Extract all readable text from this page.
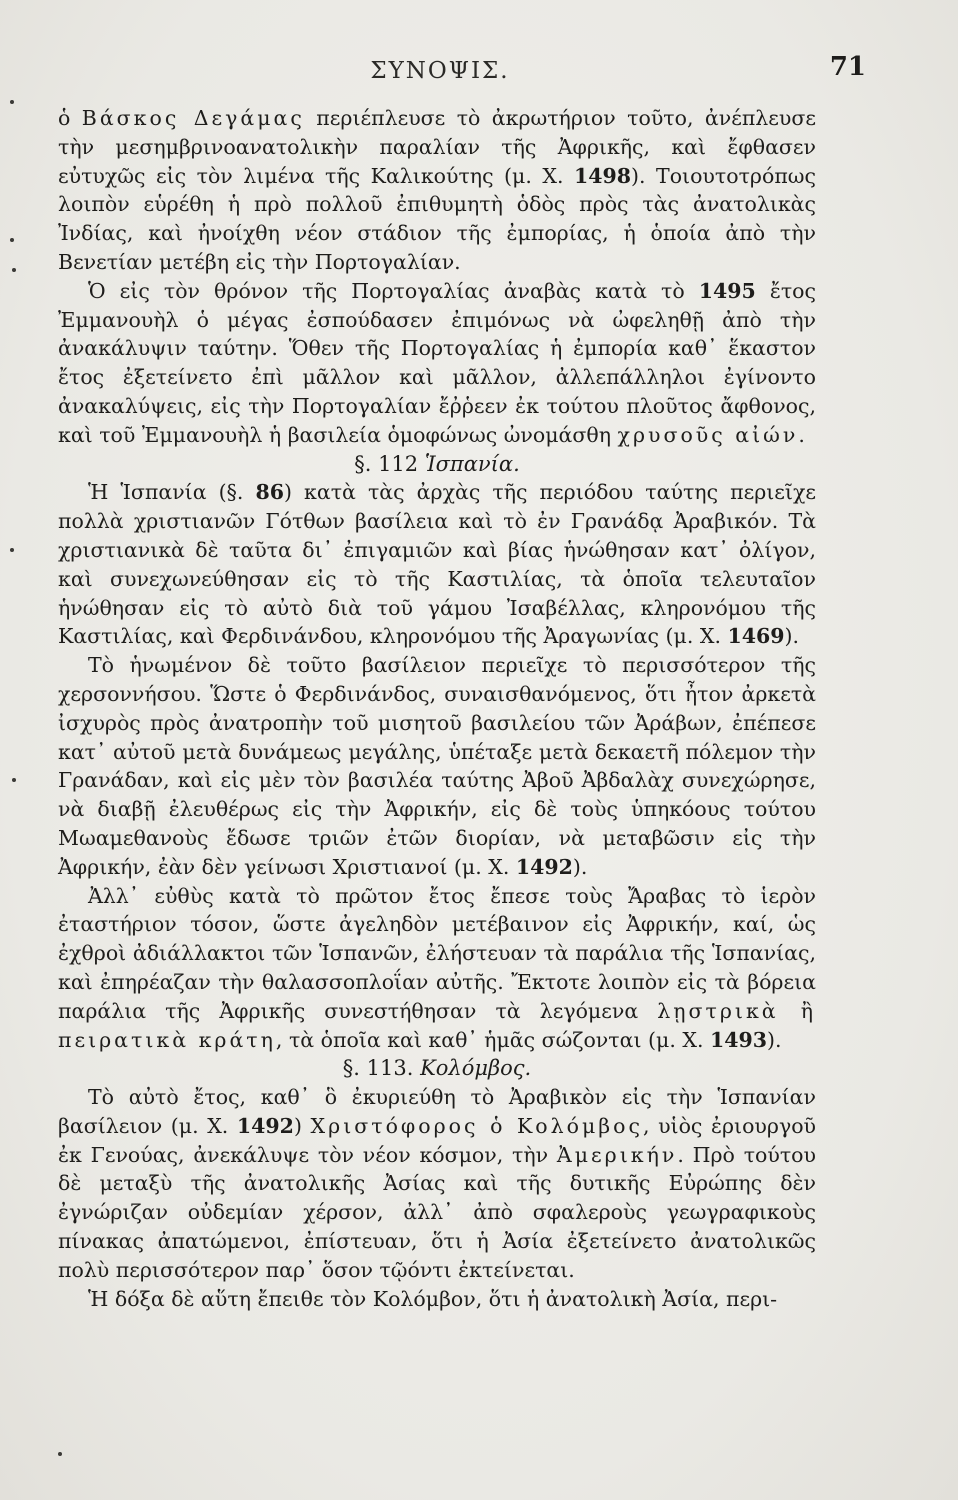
ΣΥΝΟΨΙΣ.	71

ὁ Βάσκος Δεγάμας περιέπλευσε τὸ ἀκρωτήριον τοῦτο, ἀνέπλευσε τὴν μεσημβρινοανατολικὴν παραλίαν τῆς Ἀφρικῆς, καὶ ἔφθασεν εὐτυχῶς εἰς τὸν λιμένα τῆς Καλικούτης (μ. Χ. 1498). Τοιουτοτρόπως λοιπὸν εὑρέθη ἡ πρὸ πολλοῦ ἐπιθυμητὴ ὁδὸς πρὸς τὰς ἀνατολικὰς Ἰνδίας, καὶ ἠνοίχθη νέον στάδιον τῆς ἐμπορίας, ἡ ὁποία ἀπὸ τὴν Βενετίαν μετέβη εἰς τὴν Πορτογαλίαν.

Ὁ εἰς τὸν θρόνον τῆς Πορτογαλίας ἀναβὰς κατὰ τὸ 1495 ἔτος Ἐμμανουὴλ ὁ μέγας ἐσπούδασεν ἐπιμόνως νὰ ὠφεληθῇ ἀπὸ τὴν ἀνακάλυψιν ταύτην. Ὅθεν τῆς Πορτογαλίας ἡ ἐμπορία καθ᾽ ἕκαστον ἔτος ἐξετείνετο ἐπὶ μᾶλλον καὶ μᾶλλον, ἀλλεπάλληλοι ἐγίνοντο ἀνακαλύψεις, εἰς τὴν Πορτογαλίαν ἔῤῥεεν ἐκ τούτου πλοῦτος ἄφθονος, καὶ τοῦ Ἐμμανουὴλ ἡ βασιλεία ὁμοφώνως ὠνομάσθη χρυσοῦς αἰών.

§. 112 Ἱσπανία.

Ἡ Ἱσπανία (§. 86) κατὰ τὰς ἀρχὰς τῆς περιόδου ταύτης περιεῖχε πολλὰ χριστιανῶν Γότθων βασίλεια καὶ τὸ ἐν Γρανάδᾳ Ἀραβικόν. Τὰ χριστιανικὰ δὲ ταῦτα δι᾽ ἐπιγαμιῶν καὶ βίας ἡνώθησαν κατ᾽ ὀλίγον, καὶ συνεχωνεύθησαν εἰς τὸ τῆς Καστιλίας, τὰ ὁποῖα τελευταῖον ἡνώθησαν εἰς τὸ αὐτὸ διὰ τοῦ γάμου Ἰσαβέλλας, κληρονόμου τῆς Καστιλίας, καὶ Φερδινάνδου, κληρονόμου τῆς Ἀραγωνίας (μ. Χ. 1469).

Τὸ ἡνωμένον δὲ τοῦτο βασίλειον περιεῖχε τὸ περισσότερον τῆς χερσοννήσου. Ὥστε ὁ Φερδινάνδος, συναισθανόμενος, ὅτι ἦτον ἀρκετὰ ἰσχυρὸς πρὸς ἀνατροπὴν τοῦ μισητοῦ βασιλείου τῶν Ἀράβων, ἐπέπεσε κατ᾽ αὐτοῦ μετὰ δυνάμεως μεγάλης, ὑπέταξε μετὰ δεκαετῆ πόλεμον τὴν Γρανάδαν, καὶ εἰς μὲν τὸν βασιλέα ταύτης Ἀβοῦ Ἀβδαλὰχ συνεχώρησε, νὰ διαβῇ ἐλευθέρως εἰς τὴν Ἀφρικήν, εἰς δὲ τοὺς ὑπηκόους τούτου Μωαμεθανοὺς ἔδωσε τριῶν ἐτῶν διορίαν, νὰ μεταβῶσιν εἰς τὴν Ἀφρικήν, ἐὰν δὲν γείνωσι Χριστιανοί (μ. Χ. 1492).

Ἀλλ᾽ εὐθὺς κατὰ τὸ πρῶτον ἔτος ἔπεσε τοὺς Ἄραβας τὸ ἱερὸν ἐταστήριον τόσον, ὥστε ἀγεληδὸν μετέβαινον εἰς Ἀφρικήν, καί, ὡς ἐχθροὶ ἀδιάλλακτοι τῶν Ἱσπανῶν, ἐλήστευαν τὰ παράλια τῆς Ἱσπανίας, καὶ ἐπηρέαζαν τὴν θαλασσοπλοΐαν αὐτῆς. Ἔκτοτε λοιπὸν εἰς τὰ βόρεια παράλια τῆς Ἀφρικῆς συνεστήθησαν τὰ λεγόμενα λῃστρικὰ ἢ πειρατικὰ κράτη, τὰ ὁποῖα καὶ καθ᾽ ἡμᾶς σώζονται (μ. Χ. 1493).

§. 113. Κολόμβος.

Τὸ αὐτὸ ἔτος, καθ᾽ ὃ ἐκυριεύθη τὸ Ἀραβικὸν εἰς τὴν Ἱσπανίαν βασίλειον (μ. Χ. 1492) Χριστόφορος ὁ Κολόμβος, υἱὸς ἐριουργοῦ ἐκ Γενούας, ἀνεκάλυψε τὸν νέον κόσμον, τὴν Ἀμερικήν. Πρὸ τούτου δὲ μεταξὺ τῆς ἀνατολικῆς Ἀσίας καὶ τῆς δυτικῆς Εὐρώπης δὲν ἐγνώριζαν οὐδεμίαν χέρσον, ἀλλ᾽ ἀπὸ σφαλεροὺς γεωγραφικοὺς πίνακας ἀπατώμενοι, ἐπίστευαν, ὅτι ἡ Ἀσία ἐξετείνετο ἀνατολικῶς πολὺ περισσότερον παρ᾽ ὅσον τῷόντι ἐκτείνεται.

Ἡ δόξα δὲ αὕτη ἔπειθε τὸν Κολόμβον, ὅτι ἡ ἀνατολικὴ Ἀσία, περι-
